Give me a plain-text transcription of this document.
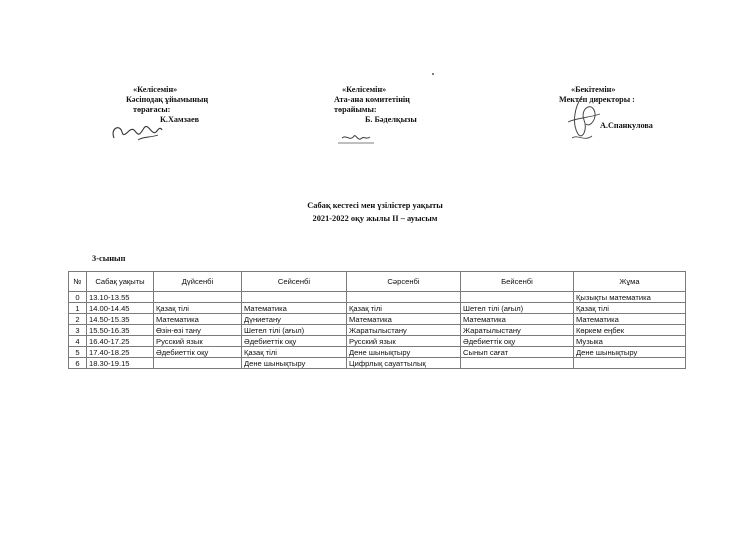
«Келісемін»
Кәсіподақ ұйымының
төрағасы:
К.Хамзаев
«Келісемін»
Ата-ана комитетінің
төрайымы:
Б. Бәделқызы
«Бекітемін»
Мектеп директоры :
А.Спанкулова
Сабақ кестесі мен үзілістер уақыты
2021-2022 оқу жылы ІІ – ауысым
3-сынып
№	Сабақ уақыты	Дүйсенбі	Сейсенбі	Сәрсенбі	Бейсенбі	Жұма
0	13.10-13.55					Қызықты математика
1	14.00-14.45	Қазақ тілі	Математика	Қазақ тілі	Шетел тілі (ағыл)	Қазақ тілі
2	14.50-15.35	Математика	Дүниетану	Математика	Математика	Математика
3	15.50-16.35	Өзін-өзі тану	Шетел тілі (ағыл)	Жаратылыстану	Жаратылыстану	Көркем еңбек
4	16.40-17.25	Русский язык	Әдебиеттік оқу	Русский язык	Әдебиеттік оқу	Музыка
5	17.40-18.25	Әдебиеттік оқу	Қазақ тілі	Дене шынықтыру	Сынып сағат	Дене шынықтыру
6	18.30-19.15		Дене шынықтыру	Цифрлық сауаттылық		
